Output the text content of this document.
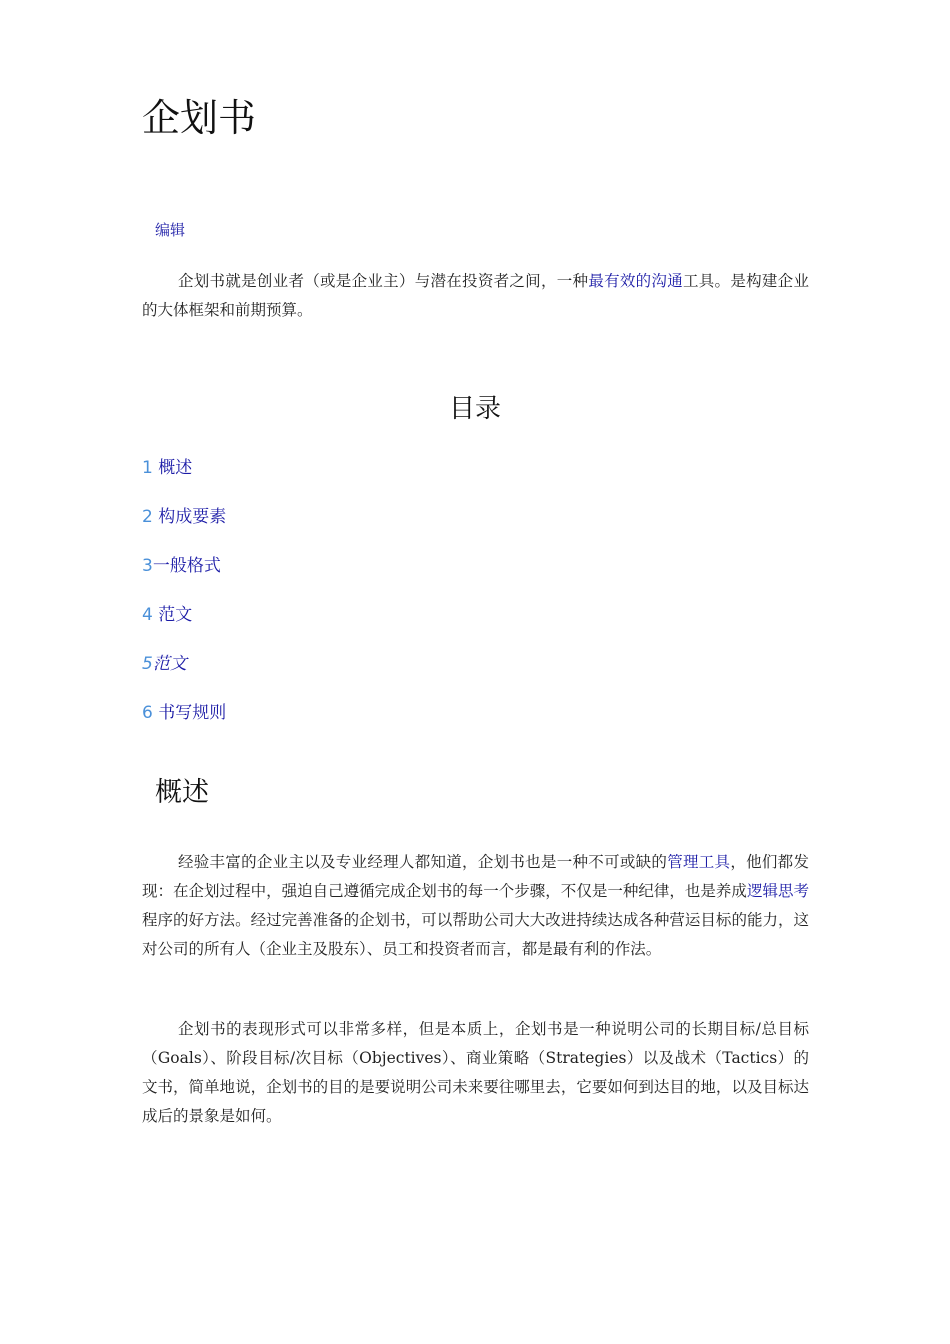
企划书
编辑

企划书就是创业者（或是企业主）与潜在投资者之间，一种最有效的沟通工具。是构建企业的大体框架和前期预算。

目录
1 概述
2 构成要素
3一般格式
4 范文
5范文
6 书写规则
概述

经验丰富的企业主以及专业经理人都知道，企划书也是一种不可或缺的管理工具，他们都发现：在企划过程中，强迫自己遵循完成企划书的每一个步骤，不仅是一种纪律，也是养成逻辑思考程序的好方法。经过完善准备的企划书，可以帮助公司大大改进持续达成各种营运目标的能力，这对公司的所有人（企业主及股东）、员工和投资者而言，都是最有利的作法。

企划书的表现形式可以非常多样，但是本质上，企划书是一种说明公司的长期目标/总目标（Goals）、阶段目标/次目标（Objectives）、商业策略（Strategies）以及战术（Tactics）的文书，简单地说，企划书的目的是要说明公司未来要往哪里去，它要如何到达目的地，以及目标达成后的景象是如何。
